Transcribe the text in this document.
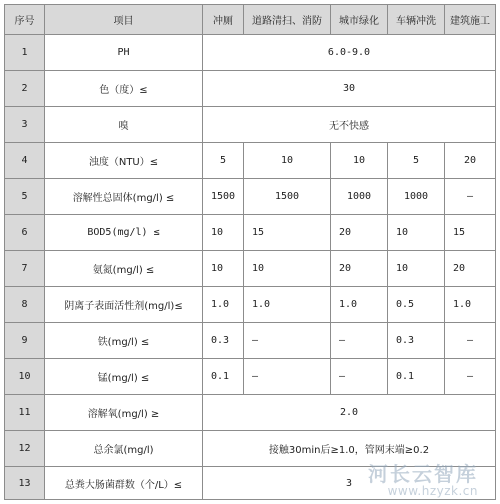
序号	项目	冲厕	道路清扫、消防	城市绿化	车辆冲洗	建筑施工
1	PH	6.0-9.0				
2	色（度）≤	30				
3	嗅	无不快感				
4	浊度（NTU）≤	5	10	10	5	20
5	溶解性总固体(mg/l) ≤	1500	1500	1000	1000	–
6	BOD5(mg/l) ≤	10	15	20	10	15
7	氨氮(mg/l) ≤	10	10	20	10	20
8	阴离子表面活性剂(mg/l)≤	1.0	1.0	1.0	0.5	1.0
9	铁(mg/l) ≤	0.3	–	–	0.3	–
10	锰(mg/l) ≤	0.1	–	–	0.1	–
11	溶解氧(mg/l) ≥	2.0				
12	总余氯(mg/l)	接触30min后≥1.0，管网末端≥0.2				
13	总粪大肠菌群数（个/L）≤	3				河长云智库
www.hzyzk.cn
